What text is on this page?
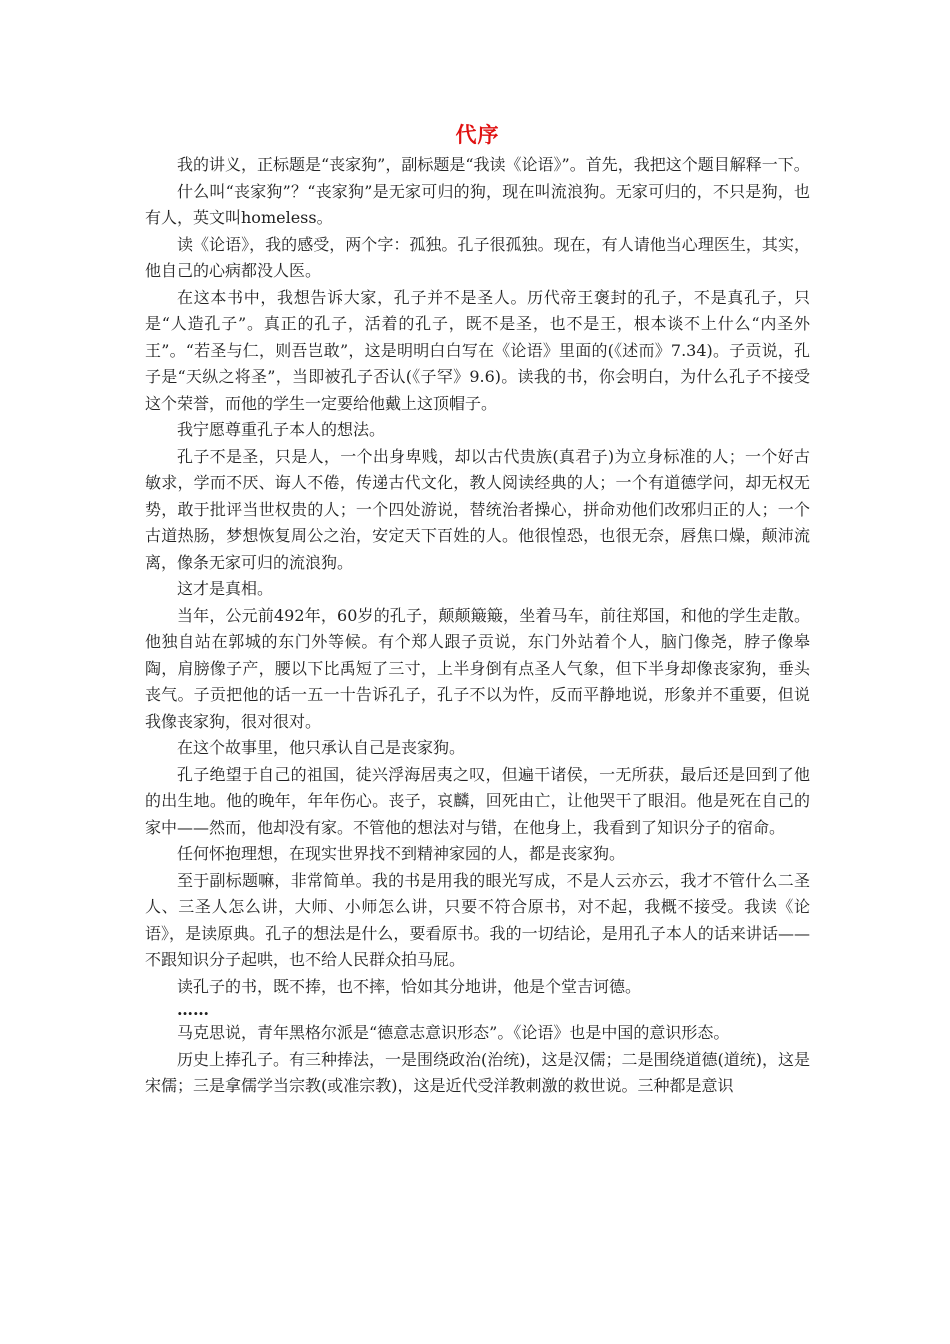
代序

我的讲义，正标题是“丧家狗”，副标题是“我读《论语》”。首先，我把这个题目解释一下。

什么叫“丧家狗”？“丧家狗”是无家可归的狗，现在叫流浪狗。无家可归的，不只是狗，也有人，英文叫homeless。

读《论语》，我的感受，两个字：孤独。孔子很孤独。现在，有人请他当心理医生，其实，他自己的心病都没人医。

在这本书中，我想告诉大家，孔子并不是圣人。历代帝王褒封的孔子，不是真孔子，只是“人造孔子”。真正的孔子，活着的孔子，既不是圣，也不是王，根本谈不上什么“内圣外王”。“若圣与仁，则吾岂敢”，这是明明白白写在《论语》里面的(《述而》7.34)。子贡说，孔子是“天纵之将圣”，当即被孔子否认(《子罕》9.6)。读我的书，你会明白，为什么孔子不接受这个荣誉，而他的学生一定要给他戴上这顶帽子。

我宁愿尊重孔子本人的想法。

孔子不是圣，只是人，一个出身卑贱，却以古代贵族(真君子)为立身标准的人；一个好古敏求，学而不厌、诲人不倦，传递古代文化，教人阅读经典的人；一个有道德学问，却无权无势，敢于批评当世权贵的人；一个四处游说，替统治者操心，拼命劝他们改邪归正的人；一个古道热肠，梦想恢复周公之治，安定天下百姓的人。他很惶恐，也很无奈，唇焦口燥，颠沛流离，像条无家可归的流浪狗。

这才是真相。

当年，公元前492年，60岁的孔子，颠颠簸簸，坐着马车，前往郑国，和他的学生走散。他独自站在郭城的东门外等候。有个郑人跟子贡说，东门外站着个人，脑门像尧，脖子像皋陶，肩膀像子产，腰以下比禹短了三寸，上半身倒有点圣人气象，但下半身却像丧家狗，垂头丧气。子贡把他的话一五一十告诉孔子，孔子不以为忤，反而平静地说，形象并不重要，但说我像丧家狗，很对很对。

在这个故事里，他只承认自己是丧家狗。

孔子绝望于自己的祖国，徒兴浮海居夷之叹，但遍干诸侯，一无所获，最后还是回到了他的出生地。他的晚年，年年伤心。丧子，哀麟，回死由亡，让他哭干了眼泪。他是死在自己的家中——然而，他却没有家。不管他的想法对与错，在他身上，我看到了知识分子的宿命。

任何怀抱理想，在现实世界找不到精神家园的人，都是丧家狗。

至于副标题嘛，非常简单。我的书是用我的眼光写成，不是人云亦云，我才不管什么二圣人、三圣人怎么讲，大师、小师怎么讲，只要不符合原书，对不起，我概不接受。我读《论语》，是读原典。孔子的想法是什么，要看原书。我的一切结论，是用孔子本人的话来讲话——不跟知识分子起哄，也不给人民群众拍马屁。

读孔子的书，既不捧，也不摔，恰如其分地讲，他是个堂吉诃德。

……

马克思说，青年黑格尔派是“德意志意识形态”。《论语》也是中国的意识形态。

历史上捧孔子。有三种捧法，一是围绕政治(治统)，这是汉儒；二是围绕道德(道统)，这是宋儒；三是拿儒学当宗教(或准宗教)，这是近代受洋教刺激的救世说。三种都是意识
